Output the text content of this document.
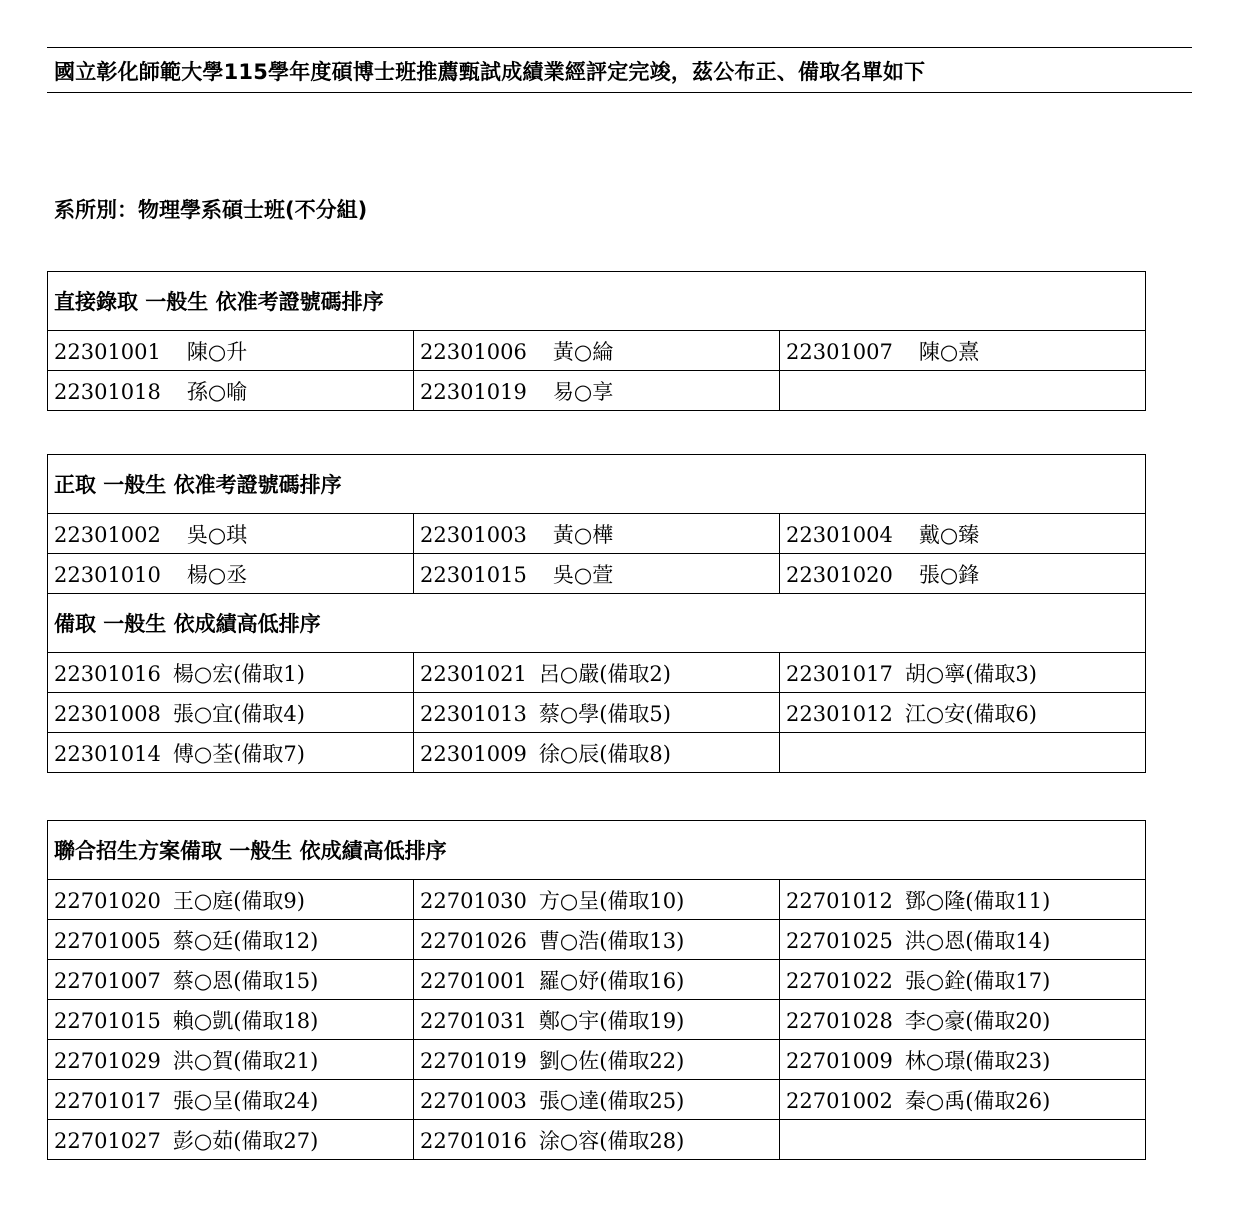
國立彰化師範大學115學年度碩博士班推薦甄試成績業經評定完竣，茲公布正、備取名單如下
系所別：物理學系碩士班(不分組)
直接錄取 一般生 依准考證號碼排序		
22301001 陳○升	22301006 黃○綸	22301007 陳○熹
22301018 孫○喻	22301019 易○享	
正取 一般生 依准考證號碼排序		
22301002 吳○琪	22301003 黃○樺	22301004 戴○臻
22301010 楊○丞	22301015 吳○萱	22301020 張○鋒
備取 一般生 依成績高低排序		
22301016 楊○宏(備取1)	22301021 呂○嚴(備取2)	22301017 胡○寧(備取3)
22301008 張○宜(備取4)	22301013 蔡○學(備取5)	22301012 江○安(備取6)
22301014 傅○荃(備取7)	22301009 徐○辰(備取8)	
聯合招生方案備取 一般生 依成績高低排序		
22701020 王○庭(備取9)	22701030 方○呈(備取10)	22701012 鄧○隆(備取11)
22701005 蔡○廷(備取12)	22701026 曹○浩(備取13)	22701025 洪○恩(備取14)
22701007 蔡○恩(備取15)	22701001 羅○妤(備取16)	22701022 張○銓(備取17)
22701015 賴○凱(備取18)	22701031 鄭○宇(備取19)	22701028 李○豪(備取20)
22701029 洪○賀(備取21)	22701019 劉○佐(備取22)	22701009 林○璟(備取23)
22701017 張○呈(備取24)	22701003 張○達(備取25)	22701002 秦○禹(備取26)
22701027 彭○茹(備取27)	22701016 涂○容(備取28)	
